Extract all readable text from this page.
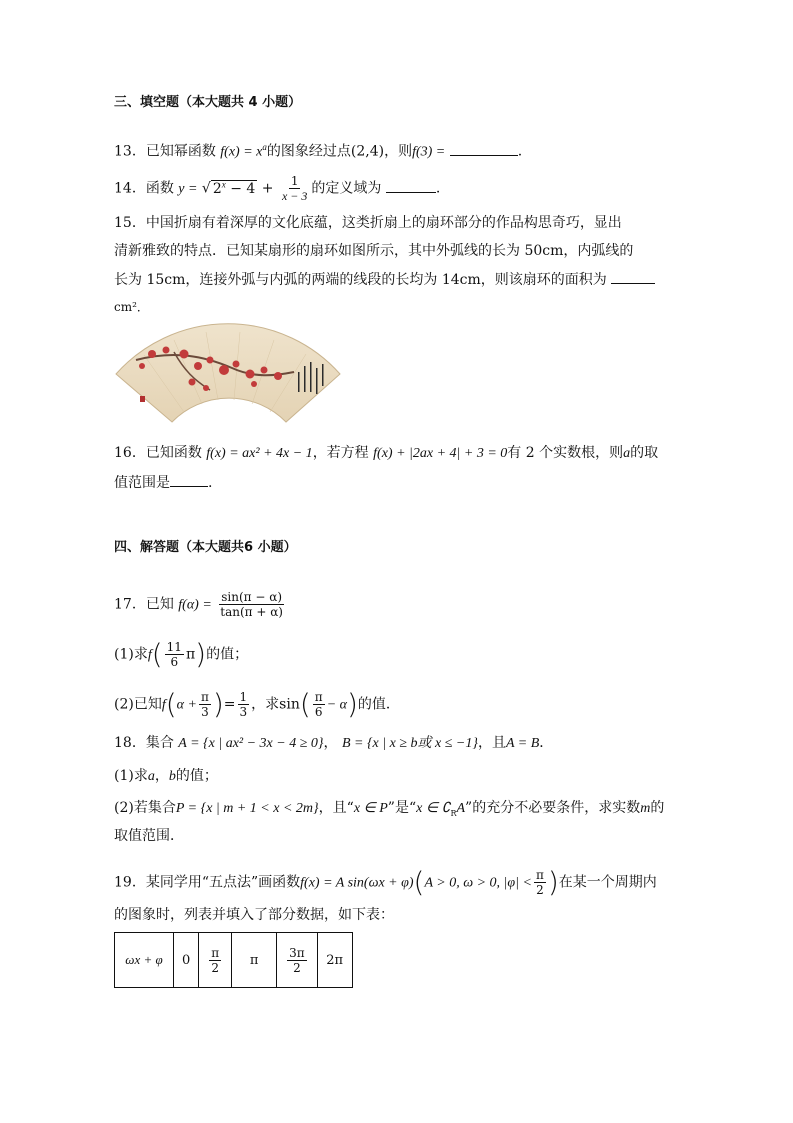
三、填空题（本大题共 4 小题）
13．已知幂函数 $f(x) = x^a$的图象经过点(2,4)，则f(3) =	.
14．函数 y = √ $2^x - 4 + \frac{1}{x - 3}$ 的定义域为	.
15．中国折扇有着深厚的文化底蕴，这类折扇上的扇环部分的作品构思奇巧，显出
清新雅致的特点．已知某扇形的扇环如图所示，其中外弧线的长为 50cm，内弧线的
长为 15cm，连接外弧与内弧的两端的线段的长均为 14cm，则该扇环的面积为
cm²．
16．已知函数 f(x) = ax² + 4x − 1，若方程 f(x) + |2ax + 4| + 3 = 0有 2 个实数根，则a的取
值范围是	.
四、解答题（本大题共6 小题）
17．已知 $f(\alpha) = \frac{\sin(\pi - \alpha)}{\tan(\pi + \alpha)}$
(1)求$f( \frac{11}{6} \pi)$的值；
(2)已知$f(\alpha + \frac{\pi}{3}$ )= $\frac{1}{3}$ ，求$\sin( \frac{\pi}{6} - \alpha)$的值．
18．集合 A = {x | ax² − 3x − 4 ≥ 0}， B = {x | x ≥ b或 x ≤ −1}，且A = B．
(1)求a，b的值；
(2)若集合P = {x | m + 1 < x < 2m}，且“x ∈ P”是“x ∈ $∁_RA$”的充分不必要条件，求实数m的
取值范围．
19．某同学用“五点法”画函数f(x) = A sin(ωx + φ)(A > 0, ω > 0, $|\varphi| < \frac{\pi}{2}$ )在某一个周期内
的图象时，列表并填入了部分数据，如下表：
ωx + φ	0	$\frac{\pi}{2}$	π	$\frac{3\pi}{2}$	2π
